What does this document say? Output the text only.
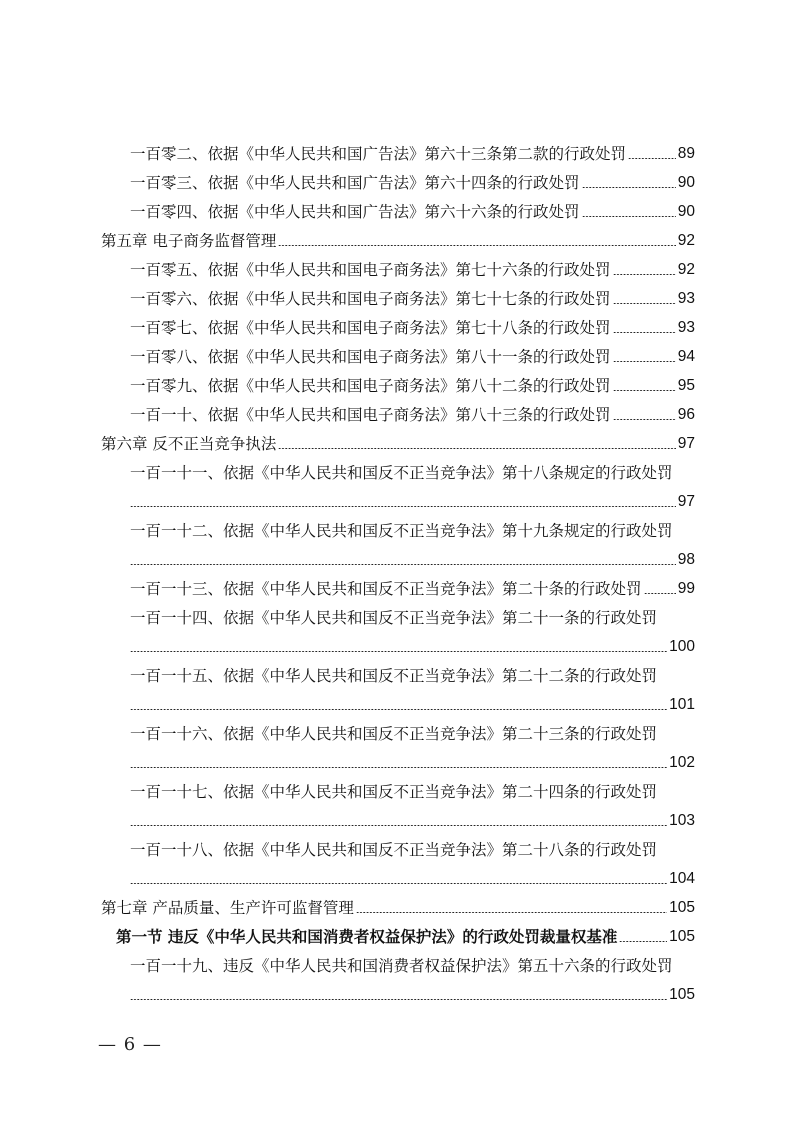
一百零二、依据《中华人民共和国广告法》第六十三条第二款的行政处罚	89
一百零三、依据《中华人民共和国广告法》第六十四条的行政处罚	90
一百零四、依据《中华人民共和国广告法》第六十六条的行政处罚	90
第五章 电子商务监督管理	92
一百零五、依据《中华人民共和国电子商务法》第七十六条的行政处罚	92
一百零六、依据《中华人民共和国电子商务法》第七十七条的行政处罚	93
一百零七、依据《中华人民共和国电子商务法》第七十八条的行政处罚	93
一百零八、依据《中华人民共和国电子商务法》第八十一条的行政处罚	94
一百零九、依据《中华人民共和国电子商务法》第八十二条的行政处罚	95
一百一十、依据《中华人民共和国电子商务法》第八十三条的行政处罚	96
第六章 反不正当竞争执法	97
一百一十一、依据《中华人民共和国反不正当竞争法》第十八条规定的行政处罚
97
一百一十二、依据《中华人民共和国反不正当竞争法》第十九条规定的行政处罚
98
一百一十三、依据《中华人民共和国反不正当竞争法》第二十条的行政处罚 99
一百一十四、依据《中华人民共和国反不正当竞争法》第二十一条的行政处罚
100
一百一十五、依据《中华人民共和国反不正当竞争法》第二十二条的行政处罚
101
一百一十六、依据《中华人民共和国反不正当竞争法》第二十三条的行政处罚
102
一百一十七、依据《中华人民共和国反不正当竞争法》第二十四条的行政处罚
103
一百一十八、依据《中华人民共和国反不正当竞争法》第二十八条的行政处罚
104
第七章 产品质量、生产许可监督管理	105
第一节 违反《中华人民共和国消费者权益保护法》的行政处罚裁量权基准	105
一百一十九、违反《中华人民共和国消费者权益保护法》第五十六条的行政处罚
105
— 6 —
